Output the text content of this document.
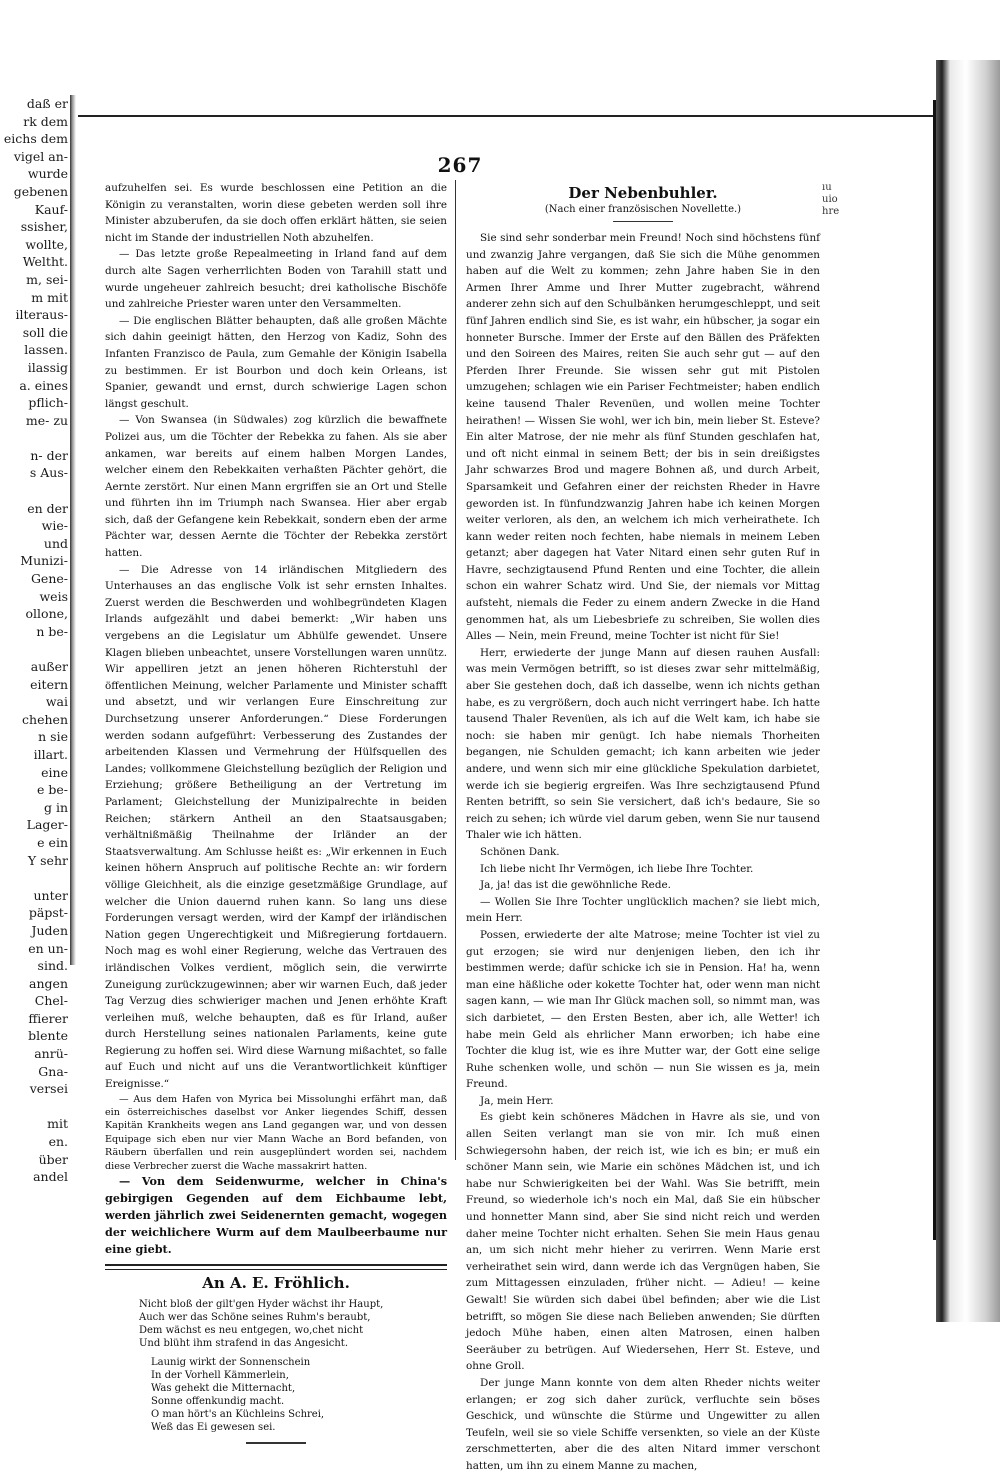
daß er
rk dem
eichs dem
vigel an-
wurde
gebenen
Kauf-
ssisher,
wollte,
Weltht.
m, sei-
m mit
ilteraus-
soll die
lassen.
ilassig
a. eines
pflich-
me- zu

n- der
s Aus-

en der
wie-
und
Munizi-
Gene-
weis
ollone,
n be-

außer
eitern
wai
chehen
n sie
illart.
eine
e be-
g in
Lager-
e ein
Y sehr

unter
päpst-
Juden
en un-
sind.
angen
Chel-
ffierer
blente
anrü-
Gna-
versei

mit
en.
über
andel
267

aufzuhelfen sei. Es wurde beschlossen eine Petition an die Königin zu veranstalten, worin diese gebeten werden soll ihre Minister abzuberufen, da sie doch offen erklärt hätten, sie seien nicht im Stande der industriellen Noth abzuhelfen.

— Das letzte große Repealmeeting in Irland fand auf dem durch alte Sagen verherrlichten Boden von Tarahill statt und wurde ungeheuer zahlreich besucht; drei katholische Bischöfe und zahlreiche Priester waren unter den Versammelten.

— Die englischen Blätter behaupten, daß alle großen Mächte sich dahin geeinigt hätten, den Herzog von Kadiz, Sohn des Infanten Franzisco de Paula, zum Gemahle der Königin Isabella zu bestimmen. Er ist Bourbon und doch kein Orleans, ist Spanier, gewandt und ernst, durch schwierige Lagen schon längst geschult.

— Von Swansea (in Südwales) zog kürzlich die bewaffnete Polizei aus, um die Töchter der Rebekka zu fahen. Als sie aber ankamen, war bereits auf einem halben Morgen Landes, welcher einem den Rebekkaiten verhaßten Pächter gehört, die Aernte zerstört. Nur einen Mann ergriffen sie an Ort und Stelle und führten ihn im Triumph nach Swansea. Hier aber ergab sich, daß der Gefangene kein Rebekkait, sondern eben der arme Pächter war, dessen Aernte die Töchter der Rebekka zerstört hatten.

— Die Adresse von 14 irländischen Mitgliedern des Unterhauses an das englische Volk ist sehr ernsten Inhaltes. Zuerst werden die Beschwerden und wohlbegründeten Klagen Irlands aufgezählt und dabei bemerkt: „Wir haben uns vergebens an die Legislatur um Abhülfe gewendet. Unsere Klagen blieben unbeachtet, unsere Vorstellungen waren unnütz. Wir appelliren jetzt an jenen höheren Richterstuhl der öffentlichen Meinung, welcher Parlamente und Minister schafft und absetzt, und wir verlangen Eure Einschreitung zur Durchsetzung unserer Anforderungen.“ Diese Forderungen werden sodann aufgeführt: Verbesserung des Zustandes der arbeitenden Klassen und Vermehrung der Hülfsquellen des Landes; vollkommene Gleichstellung bezüglich der Religion und Erziehung; größere Betheiligung an der Vertretung im Parlament; Gleichstellung der Munizipalrechte in beiden Reichen; stärkern Antheil an den Staatsausgaben; verhältnißmäßig Theilnahme der Irländer an der Staatsverwaltung. Am Schlusse heißt es: „Wir erkennen in Euch keinen höhern Anspruch auf politische Rechte an: wir fordern völlige Gleichheit, als die einzige gesetzmäßige Grundlage, auf welcher die Union dauernd ruhen kann. So lang uns diese Forderungen versagt werden, wird der Kampf der irländischen Nation gegen Ungerechtigkeit und Mißregierung fortdauern. Noch mag es wohl einer Regierung, welche das Vertrauen des irländischen Volkes verdient, möglich sein, die verwirrte Zuneigung zurückzugewinnen; aber wir warnen Euch, daß jeder Tag Verzug dies schwieriger machen und Jenen erhöhte Kraft verleihen muß, welche behaupten, daß es für Irland, außer durch Herstellung seines nationalen Parlaments, keine gute Regierung zu hoffen sei. Wird diese Warnung mißachtet, so falle auf Euch und nicht auf uns die Verantwortlichkeit künftiger Ereignisse.“

— Aus dem Hafen von Myrica bei Missolunghi erfährt man, daß ein österreichisches daselbst vor Anker liegendes Schiff, dessen Kapitän Krankheits wegen ans Land gegangen war, und von dessen Equipage sich eben nur vier Mann Wache an Bord befanden, von Räubern überfallen und rein ausgeplündert worden sei, nachdem diese Verbrecher zuerst die Wache massakrirt hatten.

— Von dem Seidenwurme, welcher in China's gebirgigen Gegenden auf dem Eichbaume lebt, werden jährlich zwei Seidenernten gemacht, wogegen der weichlichere Wurm auf dem Maulbeerbaume nur eine giebt.

An A. E. Fröhlich.
Nicht bloß der gilt'gen Hyder wächst ihr Haupt,
Auch wer das Schöne seines Ruhm's beraubt,
Dem wächst es neu entgegen, wo,chet nicht
Und blüht ihm strafend in das Angesicht.
Launig wirkt der Sonnenschein
In der Vorhell Kämmerlein,
Was gehekt die Mitternacht,
Sonne offenkundig macht.
O man hört's an Küchleins Schrei,
Weß das Ei gewesen sei.
Der Nebenbuhler.
(Nach einer französischen Novellette.)

Sie sind sehr sonderbar mein Freund! Noch sind höchstens fünf und zwanzig Jahre vergangen, daß Sie sich die Mühe genommen haben auf die Welt zu kommen; zehn Jahre haben Sie in den Armen Ihrer Amme und Ihrer Mutter zugebracht, während anderer zehn sich auf den Schulbänken herumgeschleppt, und seit fünf Jahren endlich sind Sie, es ist wahr, ein hübscher, ja sogar ein honneter Bursche. Immer der Erste auf den Bällen des Präfekten und den Soireen des Maires, reiten Sie auch sehr gut — auf den Pferden Ihrer Freunde. Sie wissen sehr gut mit Pistolen umzugehen; schlagen wie ein Pariser Fechtmeister; haben endlich keine tausend Thaler Revenüen, und wollen meine Tochter heirathen! — Wissen Sie wohl, wer ich bin, mein lieber St. Esteve? Ein alter Matrose, der nie mehr als fünf Stunden geschlafen hat, und oft nicht einmal in seinem Bett; der bis in sein dreißigstes Jahr schwarzes Brod und magere Bohnen aß, und durch Arbeit, Sparsamkeit und Gefahren einer der reichsten Rheder in Havre geworden ist. In fünfundzwanzig Jahren habe ich keinen Morgen weiter verloren, als den, an welchem ich mich verheirathete. Ich kann weder reiten noch fechten, habe niemals in meinem Leben getanzt; aber dagegen hat Vater Nitard einen sehr guten Ruf in Havre, sechzigtausend Pfund Renten und eine Tochter, die allein schon ein wahrer Schatz wird. Und Sie, der niemals vor Mittag aufsteht, niemals die Feder zu einem andern Zwecke in die Hand genommen hat, als um Liebesbriefe zu schreiben, Sie wollen dies Alles — Nein, mein Freund, meine Tochter ist nicht für Sie!

Herr, erwiederte der junge Mann auf diesen rauhen Ausfall: was mein Vermögen betrifft, so ist dieses zwar sehr mittelmäßig, aber Sie gestehen doch, daß ich dasselbe, wenn ich nichts gethan habe, es zu vergrößern, doch auch nicht verringert habe. Ich hatte tausend Thaler Revenüen, als ich auf die Welt kam, ich habe sie noch: sie haben mir genügt. Ich habe niemals Thorheiten begangen, nie Schulden gemacht; ich kann arbeiten wie jeder andere, und wenn sich mir eine glückliche Spekulation darbietet, werde ich sie begierig ergreifen. Was Ihre sechzigtausend Pfund Renten betrifft, so sein Sie versichert, daß ich's bedaure, Sie so reich zu sehen; ich würde viel darum geben, wenn Sie nur tausend Thaler wie ich hätten.

Schönen Dank.

Ich liebe nicht Ihr Vermögen, ich liebe Ihre Tochter.

Ja, ja! das ist die gewöhnliche Rede.

— Wollen Sie Ihre Tochter unglücklich machen? sie liebt mich, mein Herr.

Possen, erwiederte der alte Matrose; meine Tochter ist viel zu gut erzogen; sie wird nur denjenigen lieben, den ich ihr bestimmen werde; dafür schicke ich sie in Pension. Ha! ha, wenn man eine häßliche oder kokette Tochter hat, oder wenn man nicht sagen kann, — wie man Ihr Glück machen soll, so nimmt man, was sich darbietet, — den Ersten Besten, aber ich, alle Wetter! ich habe mein Geld als ehrlicher Mann erworben; ich habe eine Tochter die klug ist, wie es ihre Mutter war, der Gott eine selige Ruhe schenken wolle, und schön — nun Sie wissen es ja, mein Freund.

Ja, mein Herr.

Es giebt kein schöneres Mädchen in Havre als sie, und von allen Seiten verlangt man sie von mir. Ich muß einen Schwiegersohn haben, der reich ist, wie ich es bin; er muß ein schöner Mann sein, wie Marie ein schönes Mädchen ist, und ich habe nur Schwierigkeiten bei der Wahl. Was Sie betrifft, mein Freund, so wiederhole ich's noch ein Mal, daß Sie ein hübscher und honnetter Mann sind, aber Sie sind nicht reich und werden daher meine Tochter nicht erhalten. Sehen Sie mein Haus genau an, um sich nicht mehr hieher zu verirren. Wenn Marie erst verheirathet sein wird, dann werde ich das Vergnügen haben, Sie zum Mittagessen einzuladen, früher nicht. — Adieu! — keine Gewalt! Sie würden sich dabei übel befinden; aber wie die List betrifft, so mögen Sie diese nach Belieben anwenden; Sie dürften jedoch Mühe haben, einen alten Matrosen, einen halben Seeräuber zu betrügen. Auf Wiedersehen, Herr St. Esteve, und ohne Groll.

Der junge Mann konnte von dem alten Rheder nichts weiter erlangen; er zog sich daher zurück, verfluchte sein böses Geschick, und wünschte die Stürme und Ungewitter zu allen Teufeln, weil sie so viele Schiffe versenkten, so viele an der Küste zerschmetterten, aber die des alten Nitard immer verschont hatten, um ihn zu einem Manne zu machen,

ıu
uio
hre
